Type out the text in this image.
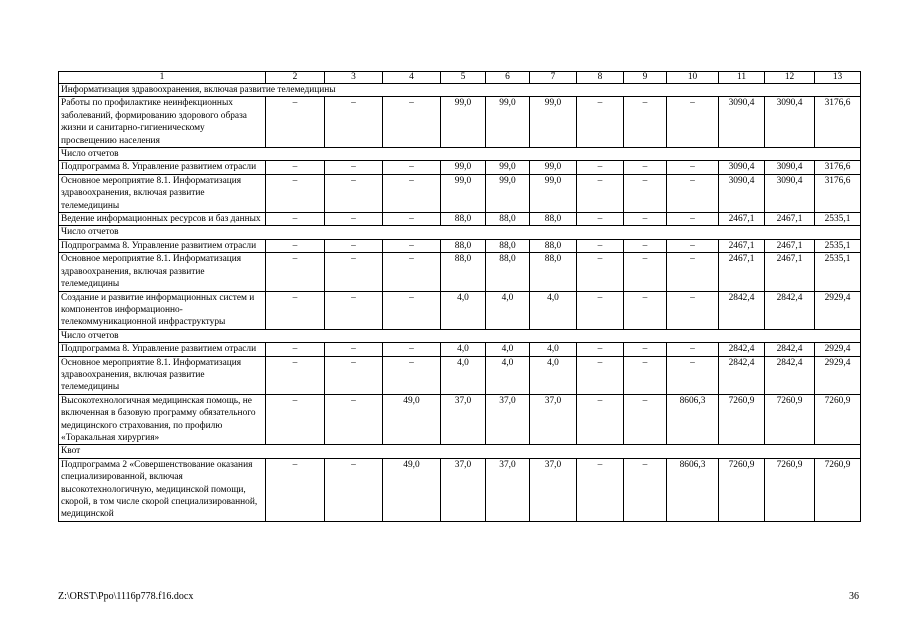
1	2	3	4	5	6	7	8	9	10	11	12	13
Информатизация здравоохранения, включая развитие телемедицины												
Работы по профилактике неинфекционных заболеваний, формированию здорового образа жизни и санитарно-гигиеническому просвещению населения	–	–	–	99,0	99,0	99,0	–	–	–	3090,4	3090,4	3176,6
Число отчетов												
Подпрограмма 8. Управление развитием отрасли	–	–	–	99,0	99,0	99,0	–	–	–	3090,4	3090,4	3176,6
Основное мероприятие 8.1. Информатизация здравоохранения, включая развитие телемедицины	–	–	–	99,0	99,0	99,0	–	–	–	3090,4	3090,4	3176,6
Ведение информационных ресурсов и баз данных	–	–	–	88,0	88,0	88,0	–	–	–	2467,1	2467,1	2535,1
Число отчетов												
Подпрограмма 8. Управление развитием отрасли	–	–	–	88,0	88,0	88,0	–	–	–	2467,1	2467,1	2535,1
Основное мероприятие 8.1. Информатизация здравоохранения, включая развитие телемедицины	–	–	–	88,0	88,0	88,0	–	–	–	2467,1	2467,1	2535,1
Создание и развитие информационных систем и компонентов информационно-телекоммуникационной инфраструктуры	–	–	–	4,0	4,0	4,0	–	–	–	2842,4	2842,4	2929,4
Число отчетов												
Подпрограмма 8. Управление развитием отрасли	–	–	–	4,0	4,0	4,0	–	–	–	2842,4	2842,4	2929,4
Основное мероприятие 8.1. Информатизация здравоохранения, включая развитие телемедицины	–	–	–	4,0	4,0	4,0	–	–	–	2842,4	2842,4	2929,4
Высокотехнологичная медицинская помощь, не включенная в базовую программу обязательного медицинского страхования, по профилю «Торакальная хирургия»	–	–	49,0	37,0	37,0	37,0	–	–	8606,3	7260,9	7260,9	7260,9
Квот												
Подпрограмма 2 «Совершенствование оказания специализированной, включая высокотехнологичную, медицинской помощи, скорой, в том числе скорой специализированной, медицинской	–	–	49,0	37,0	37,0	37,0	–	–	8606,3	7260,9	7260,9	7260,9
Z:\ORST\Ppo\1116p778.f16.docx	36
